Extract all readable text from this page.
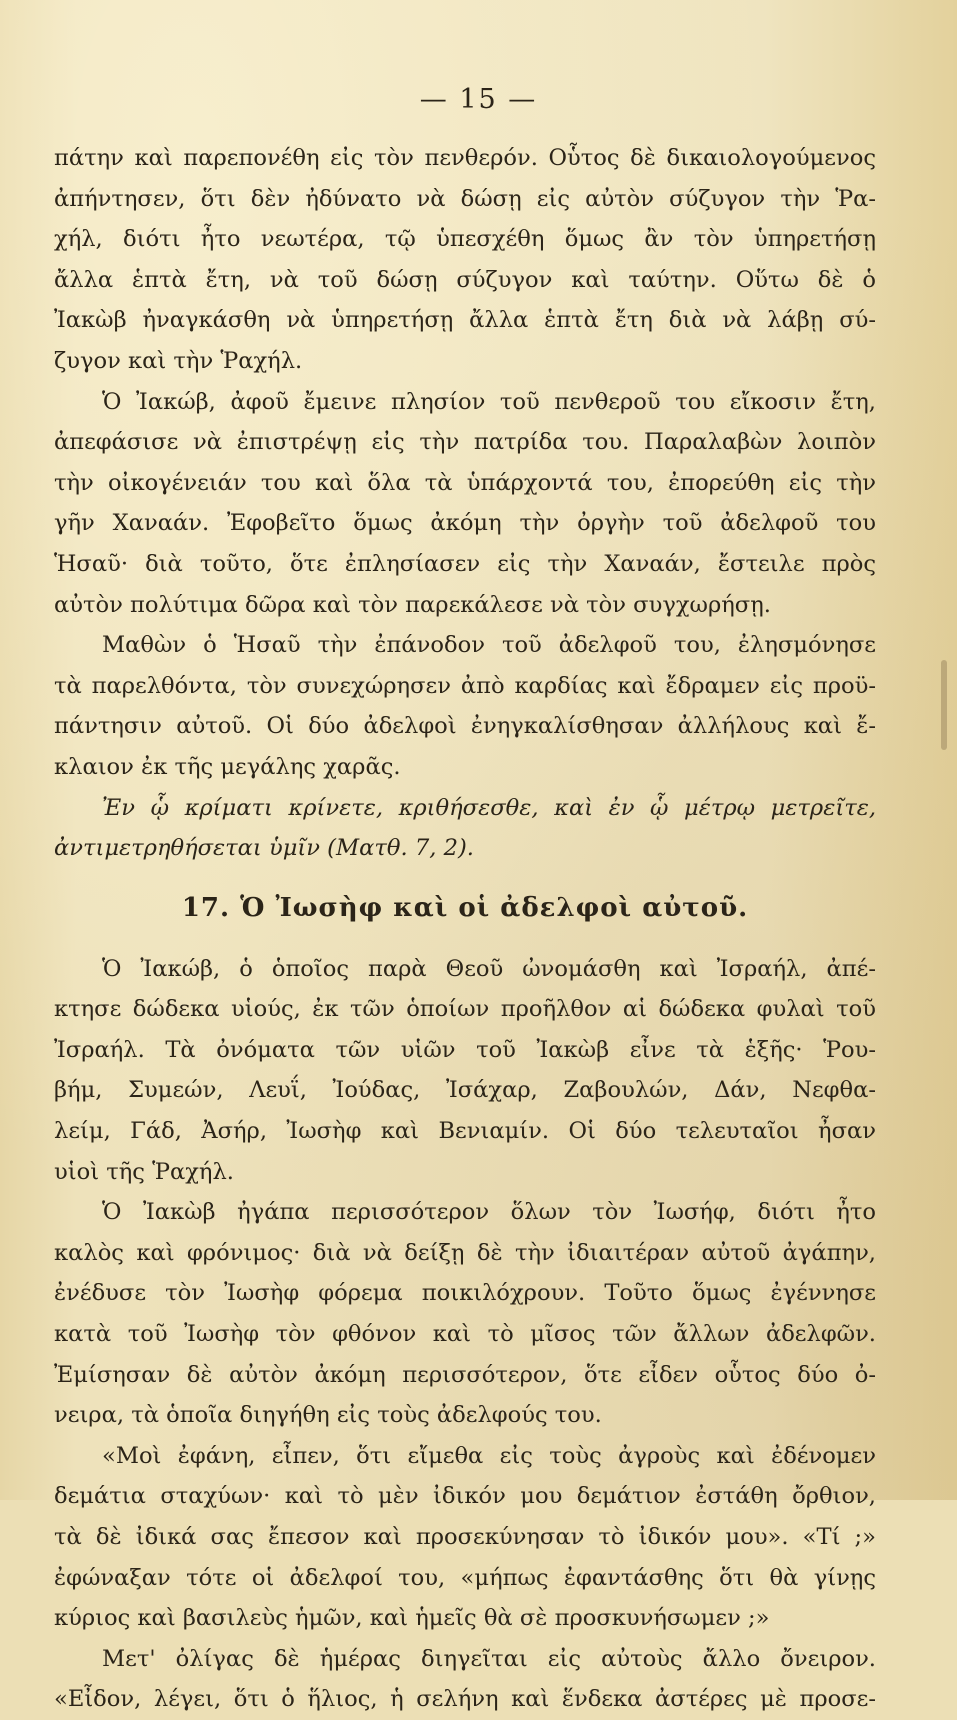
— 15 —
πάτην καὶ παρεπονέθη εἰς τὸν πενθερόν. Οὗτος δὲ δικαιολογούμενος
ἀπήντησεν, ὅτι δὲν ἠδύνατο νὰ δώσῃ εἰς αὐτὸν σύζυγον τὴν Ῥα-
χήλ, διότι ἦτο νεωτέρα, τῷ ὑπεσχέθη ὅμως ἂν τὸν ὑπηρετήσῃ
ἄλλα ἑπτὰ ἔτη, νὰ τοῦ δώσῃ σύζυγον καὶ ταύτην. Οὕτω δὲ ὁ
Ἰακὼβ ἠναγκάσθη νὰ ὑπηρετήσῃ ἄλλα ἑπτὰ ἔτη διὰ νὰ λάβῃ σύ-
ζυγον καὶ τὴν Ῥαχήλ.
Ὁ Ἰακώβ, ἀφοῦ ἔμεινε πλησίον τοῦ πενθεροῦ του εἴκοσιν ἔτη,
ἀπεφάσισε νὰ ἐπιστρέψῃ εἰς τὴν πατρίδα του. Παραλαβὼν λοιπὸν
τὴν οἰκογένειάν του καὶ ὅλα τὰ ὑπάρχοντά του, ἐπορεύθη εἰς τὴν
γῆν Χαναάν. Ἐφοβεῖτο ὅμως ἀκόμη τὴν ὀργὴν τοῦ ἀδελφοῦ του
Ἡσαῦ· διὰ τοῦτο, ὅτε ἐπλησίασεν εἰς τὴν Χαναάν, ἔστειλε πρὸς
αὐτὸν πολύτιμα δῶρα καὶ τὸν παρεκάλεσε νὰ τὸν συγχωρήσῃ.
Μαθὼν ὁ Ἡσαῦ τὴν ἐπάνοδον τοῦ ἀδελφοῦ του, ἐλησμόνησε
τὰ παρελθόντα, τὸν συνεχώρησεν ἀπὸ καρδίας καὶ ἔδραμεν εἰς προϋ-
πάντησιν αὐτοῦ. Οἱ δύο ἀδελφοὶ ἐνηγκαλίσθησαν ἀλλήλους καὶ ἔ-
κλαιον ἐκ τῆς μεγάλης χαρᾶς.
Ἐν ᾧ κρίματι κρίνετε, κριθήσεσθε, καὶ ἐν ᾧ μέτρῳ μετρεῖτε,
ἀντιμετρηθήσεται ὑμῖν (Ματθ. 7, 2).
17. Ὁ Ἰωσὴφ καὶ οἱ ἀδελφοὶ αὐτοῦ.
Ὁ Ἰακώβ, ὁ ὁποῖος παρὰ Θεοῦ ὠνομάσθη καὶ Ἰσραήλ, ἀπέ-
κτησε δώδεκα υἱούς, ἐκ τῶν ὁποίων προῆλθον αἱ δώδεκα φυλαὶ τοῦ
Ἰσραήλ. Τὰ ὀνόματα τῶν υἱῶν τοῦ Ἰακὼβ εἶνε τὰ ἑξῆς· Ῥου-
βήμ, Συμεών, Λευΐ, Ἰούδας, Ἰσάχαρ, Ζαβουλών, Δάν, Νεφθα-
λείμ, Γάδ, Ἀσήρ, Ἰωσὴφ καὶ Βενιαμίν. Οἱ δύο τελευταῖοι ἦσαν
υἱοὶ τῆς Ῥαχήλ.
Ὁ Ἰακὼβ ἠγάπα περισσότερον ὅλων τὸν Ἰωσήφ, διότι ἦτο
καλὸς καὶ φρόνιμος· διὰ νὰ δείξῃ δὲ τὴν ἰδιαιτέραν αὐτοῦ ἀγάπην,
ἐνέδυσε τὸν Ἰωσὴφ φόρεμα ποικιλόχρουν. Τοῦτο ὅμως ἐγέννησε
κατὰ τοῦ Ἰωσὴφ τὸν φθόνον καὶ τὸ μῖσος τῶν ἄλλων ἀδελφῶν.
Ἐμίσησαν δὲ αὐτὸν ἀκόμη περισσότερον, ὅτε εἶδεν οὗτος δύο ὀ-
νειρα, τὰ ὁποῖα διηγήθη εἰς τοὺς ἀδελφούς του.
«Μοὶ ἐφάνη, εἶπεν, ὅτι εἴμεθα εἰς τοὺς ἀγροὺς καὶ ἐδένομεν
δεμάτια σταχύων· καὶ τὸ μὲν ἰδικόν μου δεμάτιον ἐστάθη ὄρθιον,
τὰ δὲ ἰδικά σας ἔπεσον καὶ προσεκύνησαν τὸ ἰδικόν μου». «Τί ;»
ἐφώναξαν τότε οἱ ἀδελφοί του, «μήπως ἐφαντάσθης ὅτι θὰ γίνῃς
κύριος καὶ βασιλεὺς ἡμῶν, καὶ ἡμεῖς θὰ σὲ προσκυνήσωμεν ;»
Μετ' ὀλίγας δὲ ἡμέρας διηγεῖται εἰς αὐτοὺς ἄλλο ὄνειρον.
«Εἶδον, λέγει, ὅτι ὁ ἥλιος, ἡ σελήνη καὶ ἕνδεκα ἀστέρες μὲ προσε-
